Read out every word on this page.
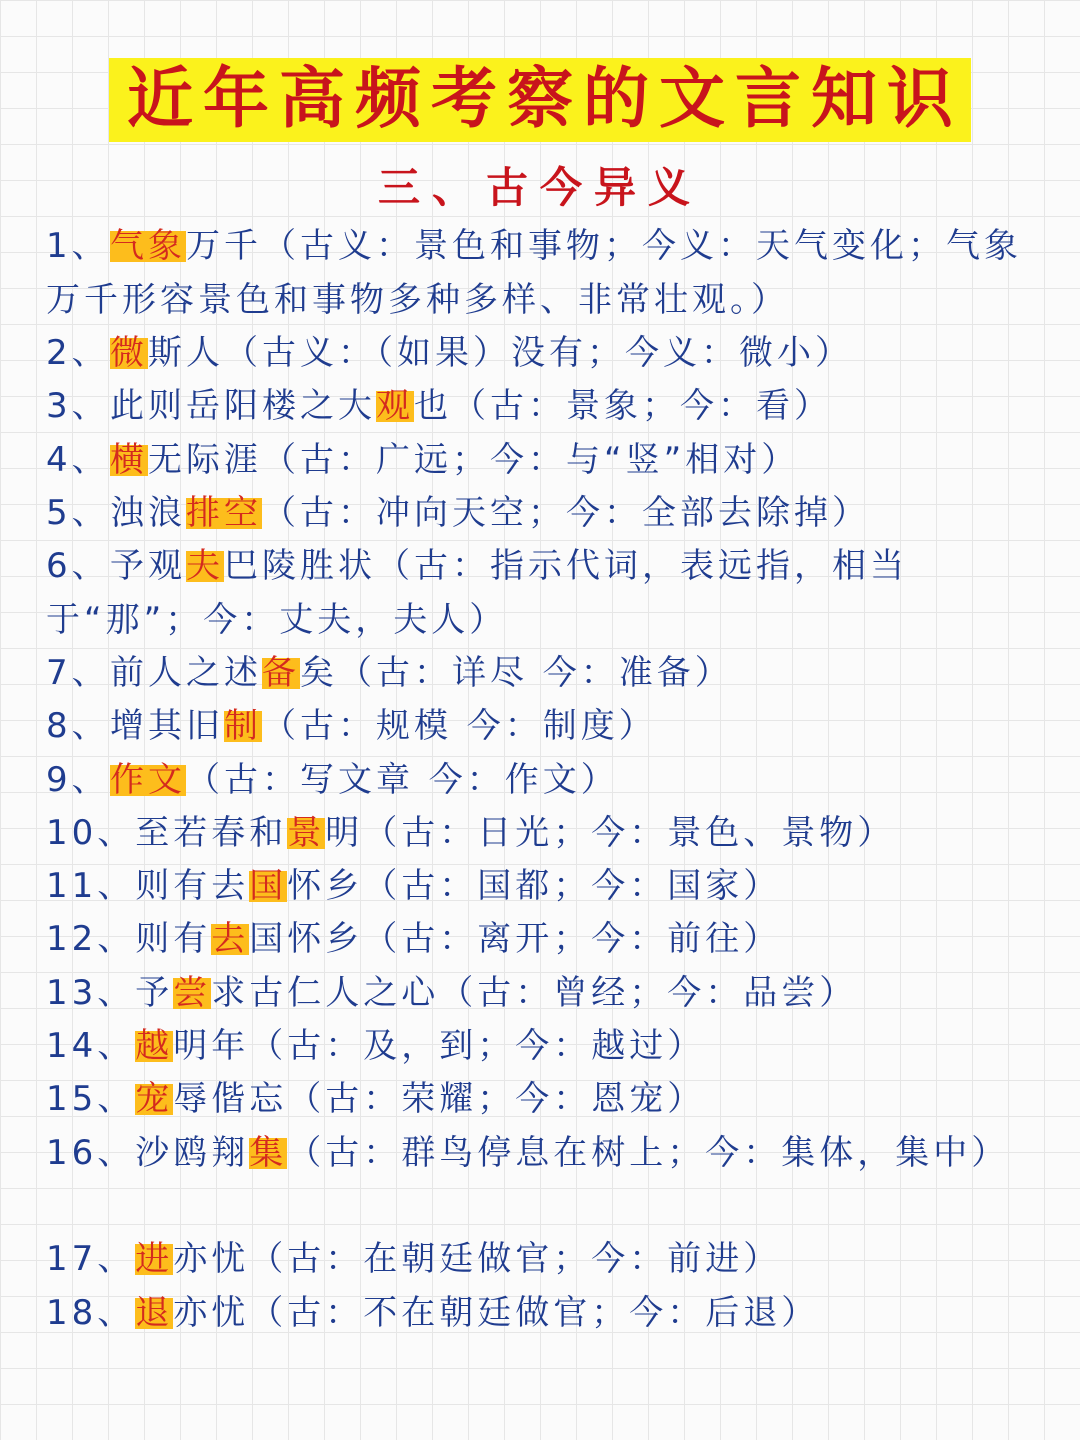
近年高频考察的文言知识
三、古今异义
1、气象万千（古义：景色和事物；今义：天气变化；气象万千形容景色和事物多种多样、非常壮观。）
2、微斯人（古义：（如果）没有；今义：微小）
3、此则岳阳楼之大观也（古：景象；今：看）
4、横无际涯（古：广远；今：与“竖”相对）
5、浊浪排空（古：冲向天空；今：全部去除掉）
6、予观夫巴陵胜状（古：指示代词，表远指，相当于“那”；今：丈夫，夫人）
7、前人之述备矣（古：详尽 今：准备）
8、增其旧制（古：规模 今：制度）
9、作文（古：写文章 今：作文）
10、至若春和景明（古：日光；今：景色、景物）
11、则有去国怀乡（古：国都；今：国家）
12、则有去国怀乡（古：离开；今：前往）
13、予尝求古仁人之心（古：曾经；今：品尝）
14、越明年（古：及，到；今：越过）
15、宠辱偕忘（古：荣耀；今：恩宠）
16、沙鸥翔集（古：群鸟停息在树上；今：集体，集中）
17、进亦忧（古：在朝廷做官；今：前进）
18、退亦忧（古：不在朝廷做官；今：后退）
